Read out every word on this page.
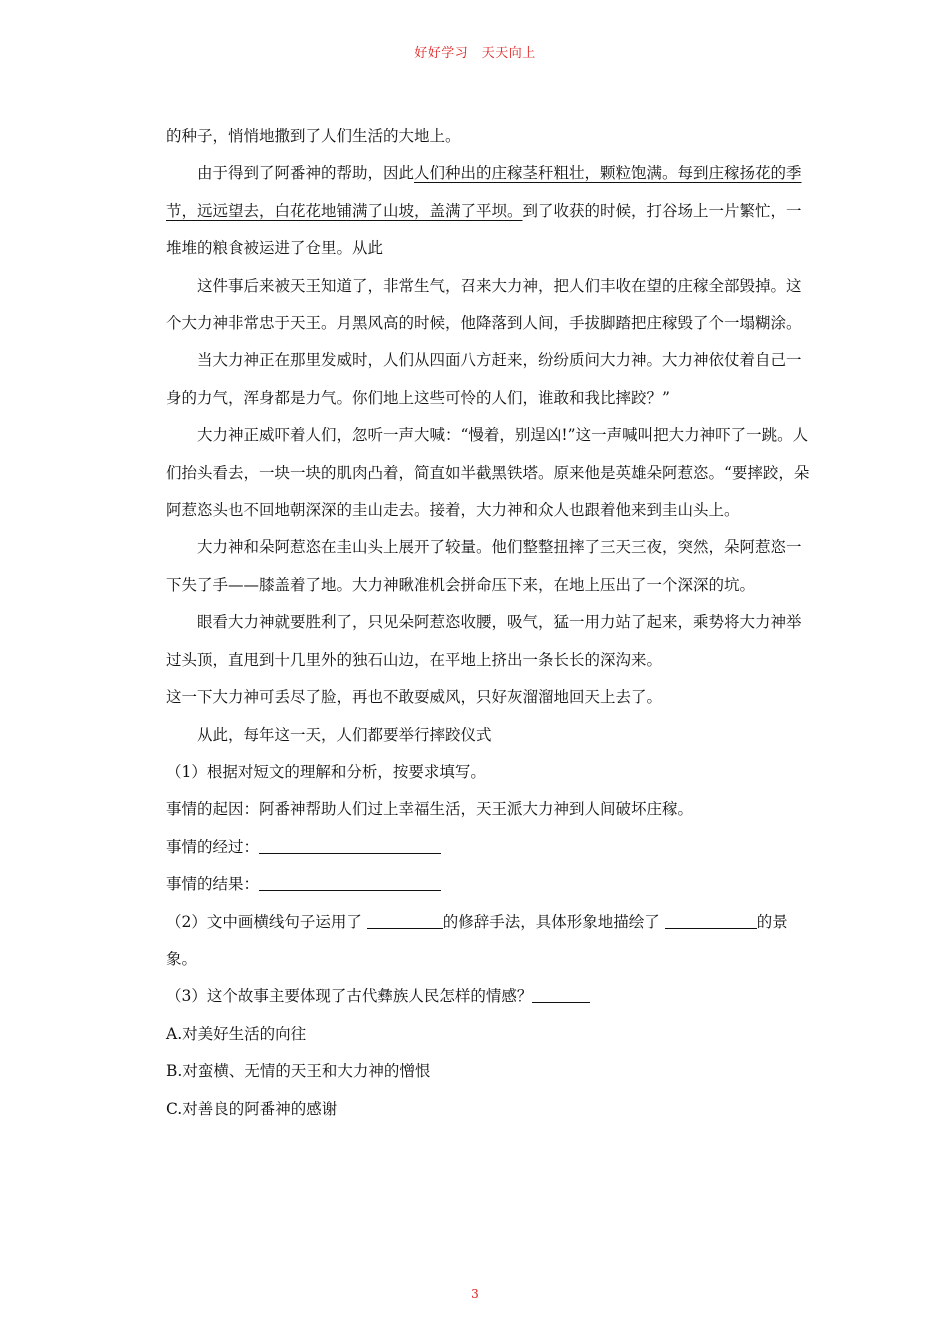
好好学习　天天向上

的种子，悄悄地撒到了人们生活的大地上。

由于得到了阿番神的帮助，因此人们种出的庄稼茎秆粗壮，颗粒饱满。每到庄稼扬花的季节，远远望去，白花花地铺满了山坡，盖满了平坝。到了收获的时候，打谷场上一片繁忙，一堆堆的粮食被运进了仓里。从此

这件事后来被天王知道了，非常生气，召来大力神，把人们丰收在望的庄稼全部毁掉。这个大力神非常忠于天王。月黑风高的时候，他降落到人间，手拔脚踏把庄稼毁了个一塌糊涂。

当大力神正在那里发威时，人们从四面八方赶来，纷纷质问大力神。大力神依仗着自己一身的力气，浑身都是力气。你们地上这些可怜的人们，谁敢和我比摔跤？”

大力神正威吓着人们，忽听一声大喊：“慢着，别逞凶!”这一声喊叫把大力神吓了一跳。人们抬头看去，一块一块的肌肉凸着，简直如半截黑铁塔。原来他是英雄朵阿惹恣。“要摔跤，朵阿惹恣头也不回地朝深深的圭山走去。接着，大力神和众人也跟着他来到圭山头上。

大力神和朵阿惹恣在圭山头上展开了较量。他们整整扭摔了三天三夜，突然，朵阿惹恣一下失了手——膝盖着了地。大力神瞅准机会拼命压下来，在地上压出了一个深深的坑。

眼看大力神就要胜利了，只见朵阿惹恣收腰，吸气，猛一用力站了起来，乘势将大力神举过头顶，直甩到十几里外的独石山边，在平地上挤出一条长长的深沟来。

这一下大力神可丢尽了脸，再也不敢耍威风，只好灰溜溜地回天上去了。

从此，每年这一天，人们都要举行摔跤仪式

（1）根据对短文的理解和分析，按要求填写。

事情的起因：阿番神帮助人们过上幸福生活，天王派大力神到人间破坏庄稼。

事情的经过：

事情的结果：

（2）文中画横线句子运用了	的修辞手法，具体形象地描绘了	的景象。

（3）这个故事主要体现了古代彝族人民怎样的情感？

A.对美好生活的向往

B.对蛮横、无情的天王和大力神的憎恨

C.对善良的阿番神的感谢

3
